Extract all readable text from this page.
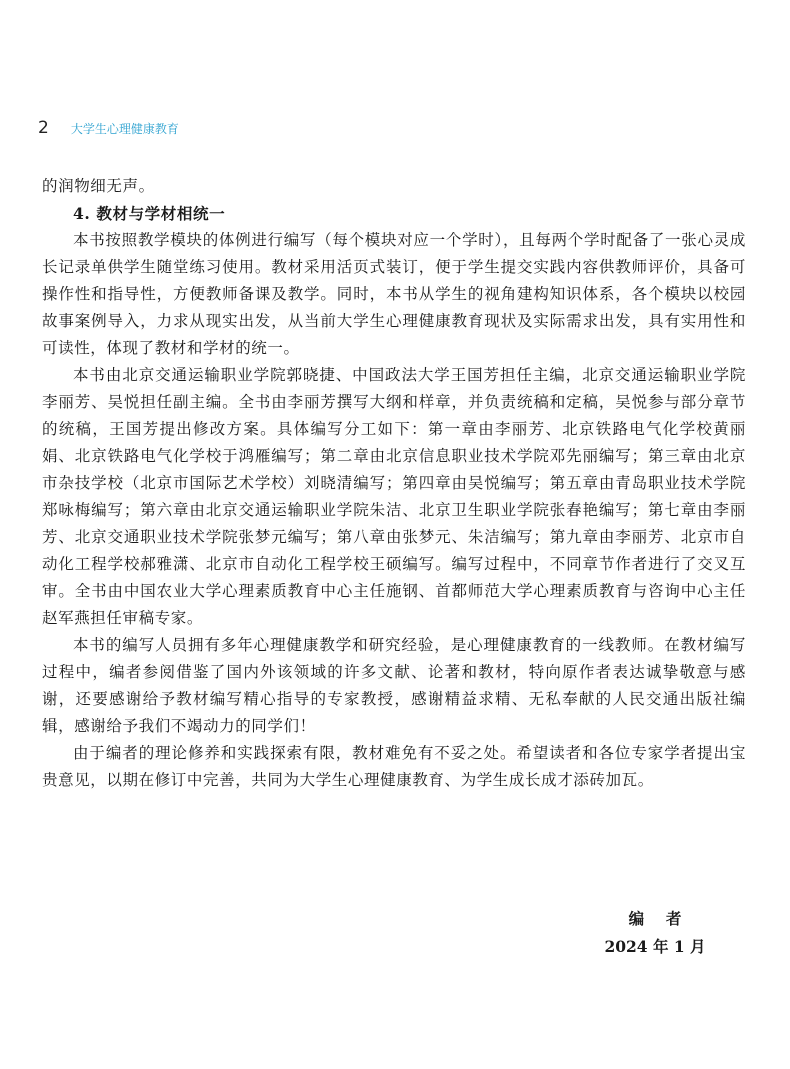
2 大学生心理健康教育

的润物细无声。

4. 教材与学材相统一

本书按照教学模块的体例进行编写（每个模块对应一个学时），且每两个学时配备了一张心灵成长记录单供学生随堂练习使用。教材采用活页式装订，便于学生提交实践内容供教师评价，具备可操作性和指导性，方便教师备课及教学。同时，本书从学生的视角建构知识体系，各个模块以校园故事案例导入，力求从现实出发，从当前大学生心理健康教育现状及实际需求出发，具有实用性和可读性，体现了教材和学材的统一。

本书由北京交通运输职业学院郭晓捷、中国政法大学王国芳担任主编，北京交通运输职业学院李丽芳、吴悦担任副主编。全书由李丽芳撰写大纲和样章，并负责统稿和定稿，吴悦参与部分章节的统稿，王国芳提出修改方案。具体编写分工如下：第一章由李丽芳、北京铁路电气化学校黄丽娟、北京铁路电气化学校于鸿雁编写；第二章由北京信息职业技术学院邓先丽编写；第三章由北京市杂技学校（北京市国际艺术学校）刘晓清编写；第四章由吴悦编写；第五章由青岛职业技术学院郑咏梅编写；第六章由北京交通运输职业学院朱洁、北京卫生职业学院张春艳编写；第七章由李丽芳、北京交通职业技术学院张梦元编写；第八章由张梦元、朱洁编写；第九章由李丽芳、北京市自动化工程学校郝雅潇、北京市自动化工程学校王硕编写。编写过程中，不同章节作者进行了交叉互审。全书由中国农业大学心理素质教育中心主任施钢、首都师范大学心理素质教育与咨询中心主任赵军燕担任审稿专家。

本书的编写人员拥有多年心理健康教学和研究经验，是心理健康教育的一线教师。在教材编写过程中，编者参阅借鉴了国内外该领域的许多文献、论著和教材，特向原作者表达诚挚敬意与感谢，还要感谢给予教材编写精心指导的专家教授，感谢精益求精、无私奉献的人民交通出版社编辑，感谢给予我们不竭动力的同学们！

由于编者的理论修养和实践探索有限，教材难免有不妥之处。希望读者和各位专家学者提出宝贵意见，以期在修订中完善，共同为大学生心理健康教育、为学生成长成才添砖加瓦。

编者
2024 年 1 月
